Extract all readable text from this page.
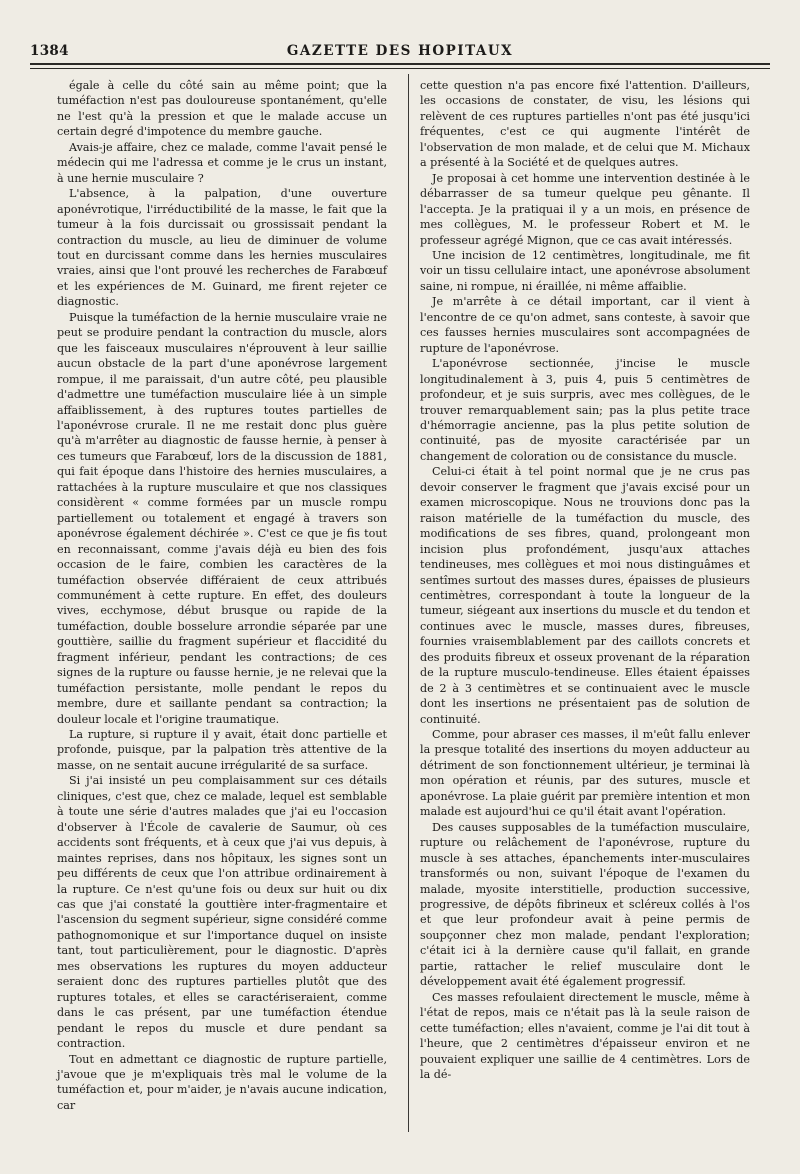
1384	GAZETTE DES HOPITAUX

égale à celle du côté sain au même point; que la tuméfaction n'est pas douloureuse spontanément, qu'elle ne l'est qu'à la pression et que le malade accuse un certain degré d'impotence du membre gauche.

Avais-je affaire, chez ce malade, comme l'avait pensé le médecin qui me l'adressa et comme je le crus un instant, à une hernie musculaire ?

L'absence, à la palpation, d'une ouverture aponévrotique, l'irréductibilité de la masse, le fait que la tumeur à la fois durcissait ou grossissait pendant la contraction du muscle, au lieu de diminuer de volume tout en durcissant comme dans les hernies musculaires vraies, ainsi que l'ont prouvé les recherches de Farabœuf et les expériences de M. Guinard, me firent rejeter ce diagnostic.

Puisque la tuméfaction de la hernie musculaire vraie ne peut se produire pendant la contraction du muscle, alors que les faisceaux musculaires n'éprouvent à leur saillie aucun obstacle de la part d'une aponévrose largement rompue, il me paraissait, d'un autre côté, peu plausible d'admettre une tuméfaction musculaire liée à un simple affaiblissement, à des ruptures toutes partielles de l'aponévrose crurale. Il ne me restait donc plus guère qu'à m'arrêter au diagnostic de fausse hernie, à penser à ces tumeurs que Farabœuf, lors de la discussion de 1881, qui fait époque dans l'histoire des hernies musculaires, a rattachées à la rupture musculaire et que nos classiques considèrent « comme formées par un muscle rompu partiellement ou totalement et engagé à travers son aponévrose également déchirée ». C'est ce que je fis tout en reconnaissant, comme j'avais déjà eu bien des fois occasion de le faire, combien les caractères de la tuméfaction observée différaient de ceux attribués communément à cette rupture. En effet, des douleurs vives, ecchymose, début brusque ou rapide de la tuméfaction, double bosselure arrondie séparée par une gouttière, saillie du fragment supérieur et flaccidité du fragment inférieur, pendant les contractions; de ces signes de la rupture ou fausse hernie, je ne relevai que la tuméfaction persistante, molle pendant le repos du membre, dure et saillante pendant sa contraction; la douleur locale et l'origine traumatique.

La rupture, si rupture il y avait, était donc partielle et profonde, puisque, par la palpation très attentive de la masse, on ne sentait aucune irrégularité de sa surface.

Si j'ai insisté un peu complaisamment sur ces détails cliniques, c'est que, chez ce malade, lequel est semblable à toute une série d'autres malades que j'ai eu l'occasion d'observer à l'École de cavalerie de Saumur, où ces accidents sont fréquents, et à ceux que j'ai vus depuis, à maintes reprises, dans nos hôpitaux, les signes sont un peu différents de ceux que l'on attribue ordinairement à la rupture. Ce n'est qu'une fois ou deux sur huit ou dix cas que j'ai constaté la gouttière inter-fragmentaire et l'ascension du segment supérieur, signe considéré comme pathognomonique et sur l'importance duquel on insiste tant, tout particulièrement, pour le diagnostic. D'après mes observations les ruptures du moyen adducteur seraient donc des ruptures partielles plutôt que des ruptures totales, et elles se caractériseraient, comme dans le cas présent, par une tuméfaction étendue pendant le repos du muscle et dure pendant sa contraction.

Tout en admettant ce diagnostic de rupture partielle, j'avoue que je m'expliquais très mal le volume de la tuméfaction et, pour m'aider, je n'avais aucune indication, car

cette question n'a pas encore fixé l'attention. D'ailleurs, les occasions de constater, de visu, les lésions qui relèvent de ces ruptures partielles n'ont pas été jusqu'ici fréquentes, c'est ce qui augmente l'intérêt de l'observation de mon malade, et de celui que M. Michaux a présenté à la Société et de quelques autres.

Je proposai à cet homme une intervention destinée à le débarrasser de sa tumeur quelque peu gênante. Il l'accepta. Je la pratiquai il y a un mois, en présence de mes collègues, M. le professeur Robert et M. le professeur agrégé Mignon, que ce cas avait intéressés.

Une incision de 12 centimètres, longitudinale, me fit voir un tissu cellulaire intact, une aponévrose absolument saine, ni rompue, ni éraillée, ni même affaiblie.

Je m'arrête à ce détail important, car il vient à l'encontre de ce qu'on admet, sans conteste, à savoir que ces fausses hernies musculaires sont accompagnées de rupture de l'aponévrose.

L'aponévrose sectionnée, j'incise le muscle longitudinalement à 3, puis 4, puis 5 centimètres de profondeur, et je suis surpris, avec mes collègues, de le trouver remarquablement sain; pas la plus petite trace d'hémorragie ancienne, pas la plus petite solution de continuité, pas de myosite caractérisée par un changement de coloration ou de consistance du muscle.

Celui-ci était à tel point normal que je ne crus pas devoir conserver le fragment que j'avais excisé pour un examen microscopique. Nous ne trouvions donc pas la raison matérielle de la tuméfaction du muscle, des modifications de ses fibres, quand, prolongeant mon incision plus profondément, jusqu'aux attaches tendineuses, mes collègues et moi nous distinguâmes et sentîmes surtout des masses dures, épaisses de plusieurs centimètres, correspondant à toute la longueur de la tumeur, siégeant aux insertions du muscle et du tendon et continues avec le muscle, masses dures, fibreuses, fournies vraisemblablement par des caillots concrets et des produits fibreux et osseux provenant de la réparation de la rupture musculo-tendineuse. Elles étaient épaisses de 2 à 3 centimètres et se continuaient avec le muscle dont les insertions ne présentaient pas de solution de continuité.

Comme, pour abraser ces masses, il m'eût fallu enlever la presque totalité des insertions du moyen adducteur au détriment de son fonctionnement ultérieur, je terminai là mon opération et réunis, par des sutures, muscle et aponévrose. La plaie guérit par première intention et mon malade est aujourd'hui ce qu'il était avant l'opération.

Des causes supposables de la tuméfaction musculaire, rupture ou relâchement de l'aponévrose, rupture du muscle à ses attaches, épanchements inter-musculaires transformés ou non, suivant l'époque de l'examen du malade, myosite interstitielle, production successive, progressive, de dépôts fibrineux et scléreux collés à l'os et que leur profondeur avait à peine permis de soupçonner chez mon malade, pendant l'exploration; c'était ici à la dernière cause qu'il fallait, en grande partie, rattacher le relief musculaire dont le développement avait été également progressif.

Ces masses refoulaient directement le muscle, même à l'état de repos, mais ce n'était pas là la seule raison de cette tuméfaction; elles n'avaient, comme je l'ai dit tout à l'heure, que 2 centimètres d'épaisseur environ et ne pouvaient expliquer une saillie de 4 centimètres. Lors de la dé-
